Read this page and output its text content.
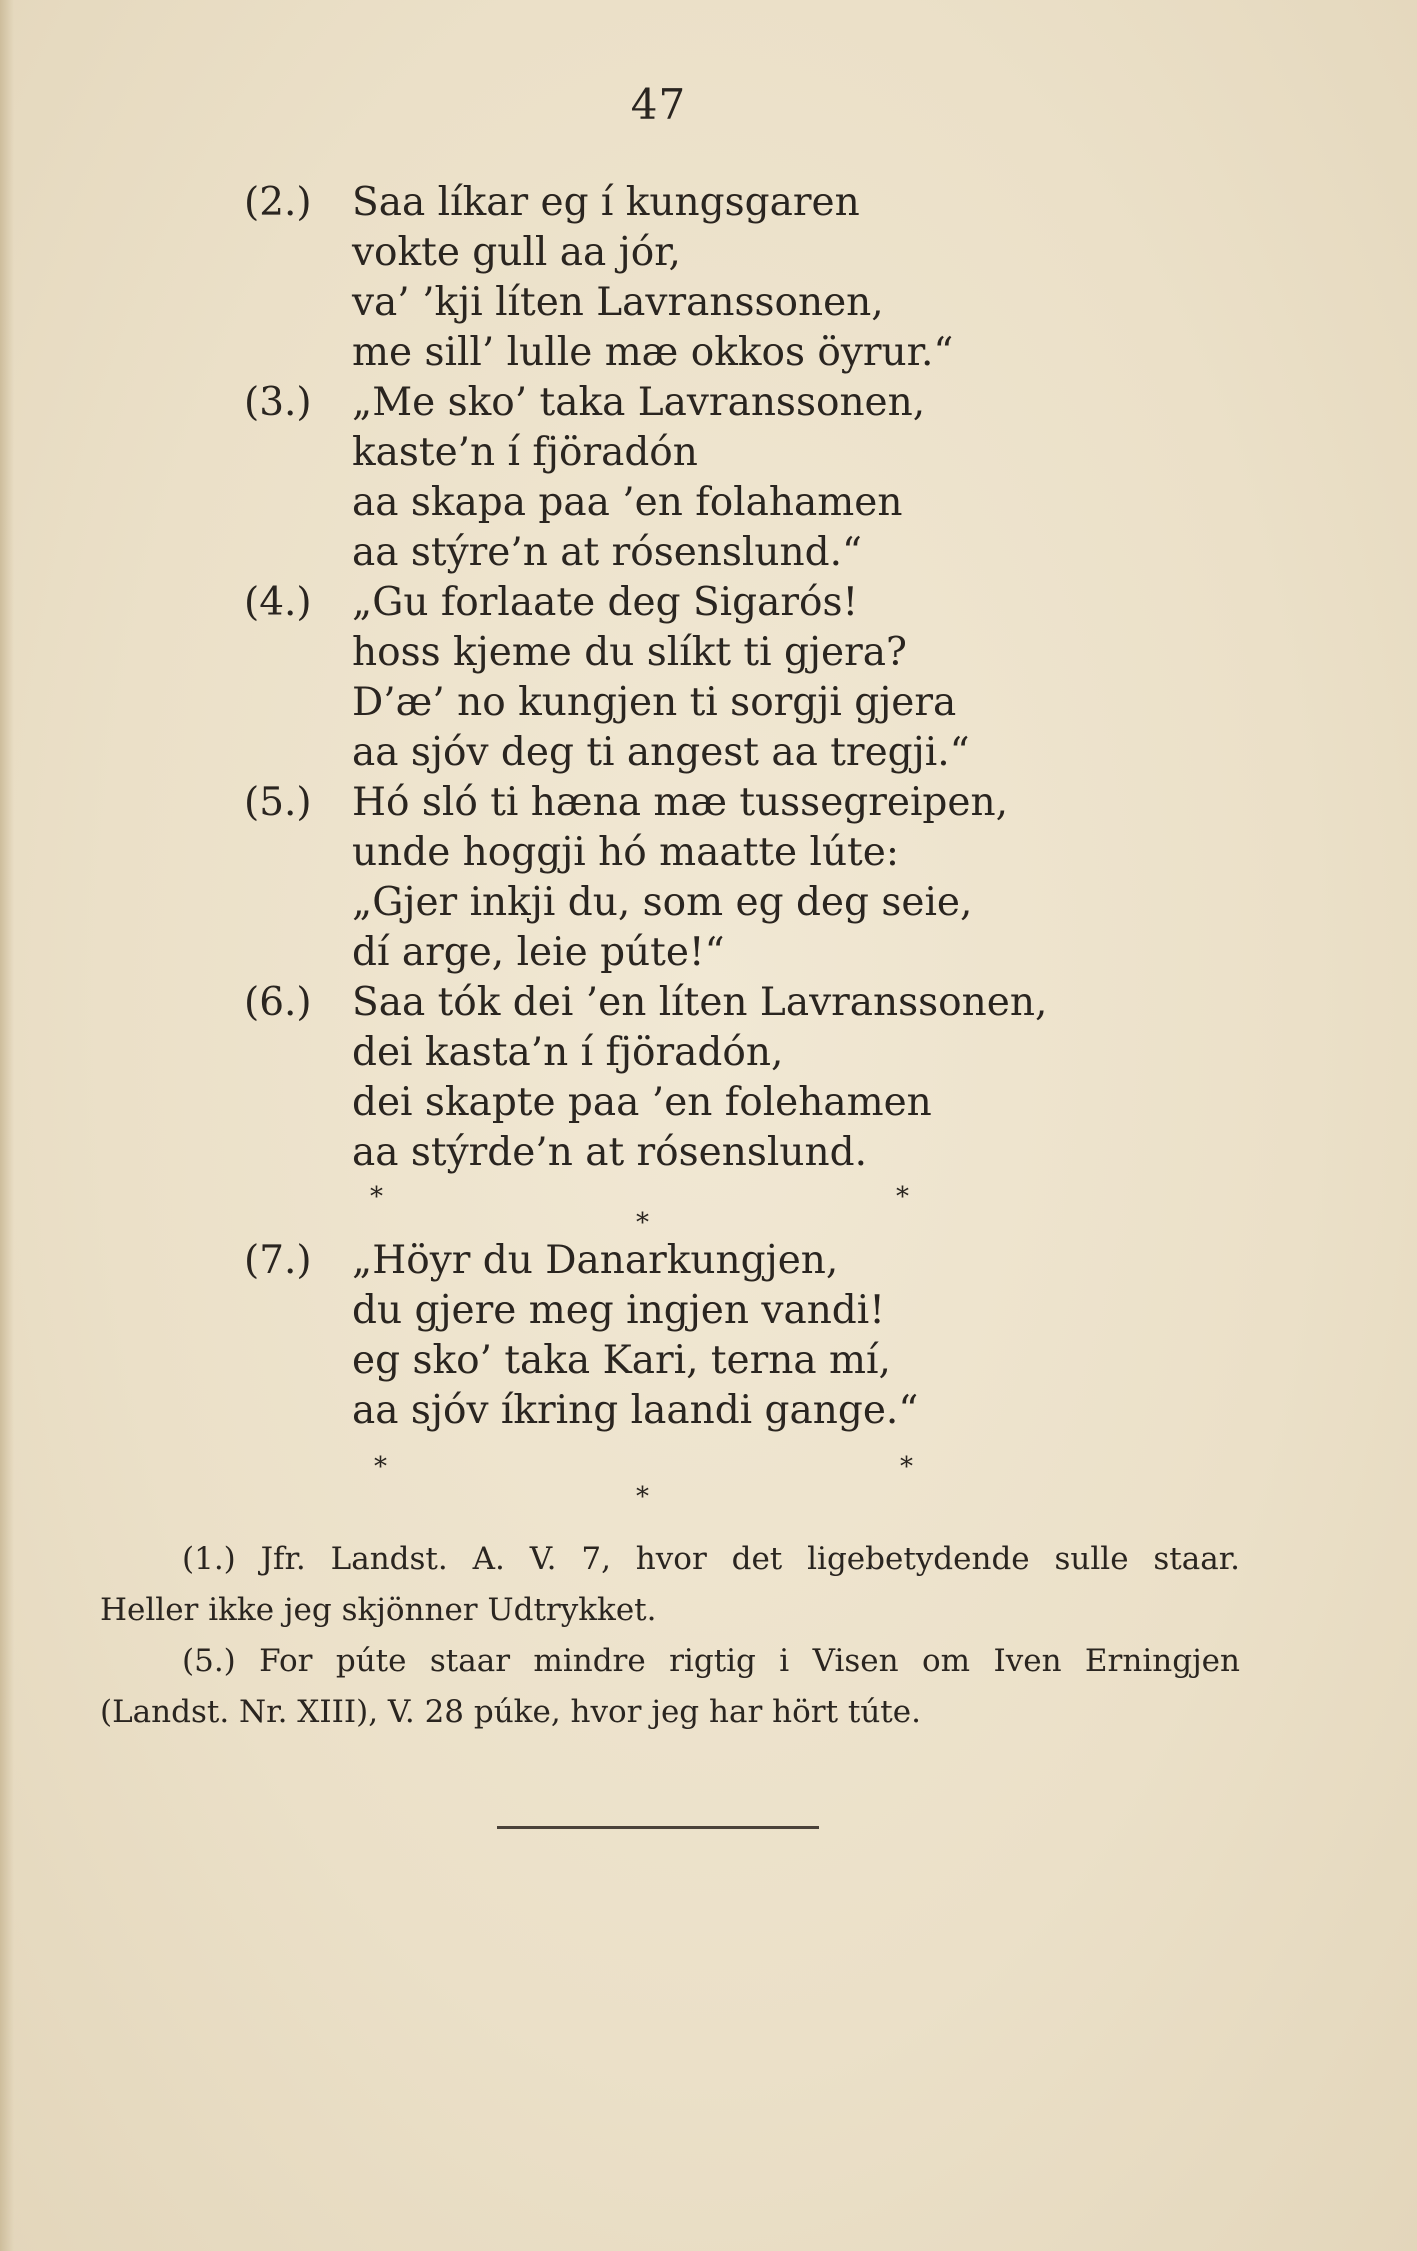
47
(2.) Saa líkar eg í kungsgaren
vokte gull aa jór,
va’ ’kji líten Lavranssonen,
me sill’ lulle mæ okkos öyrur.“
(3.) „Me sko’ taka Lavranssonen,
kaste’n í fjöradón
aa skapa paa ’en folahamen
aa stýre’n at rósenslund.“
(4.) „Gu forlaate deg Sigarós!
hoss kjeme du slíkt ti gjera?
D’æ’ no kungjen ti sorgji gjera
aa sjóv deg ti angest aa tregji.“
(5.) Hó sló ti hæna mæ tussegreipen,
unde hoggji hó maatte lúte:
„Gjer inkji du, som eg deg seie,
dí arge, leie púte!“
(6.) Saa tók dei ’en líten Lavranssonen,
dei kasta’n í fjöradón,
dei skapte paa ’en folehamen
aa stýrde’n at rósenslund.
*	*
*
(7.) „Höyr du Danarkungjen,
du gjere meg ingjen vandi!
eg sko’ taka Kari, terna mí,
aa sjóv íkring laandi gange.“
*	*
*
(1.) Jfr. Landst. A. V. 7, hvor det ligebetydende sulle staar.
Heller ikke jeg skjönner Udtrykket.
(5.) For púte staar mindre rigtig i Visen om Iven Erningjen
(Landst. Nr. XIII), V. 28 púke, hvor jeg har hört túte.
